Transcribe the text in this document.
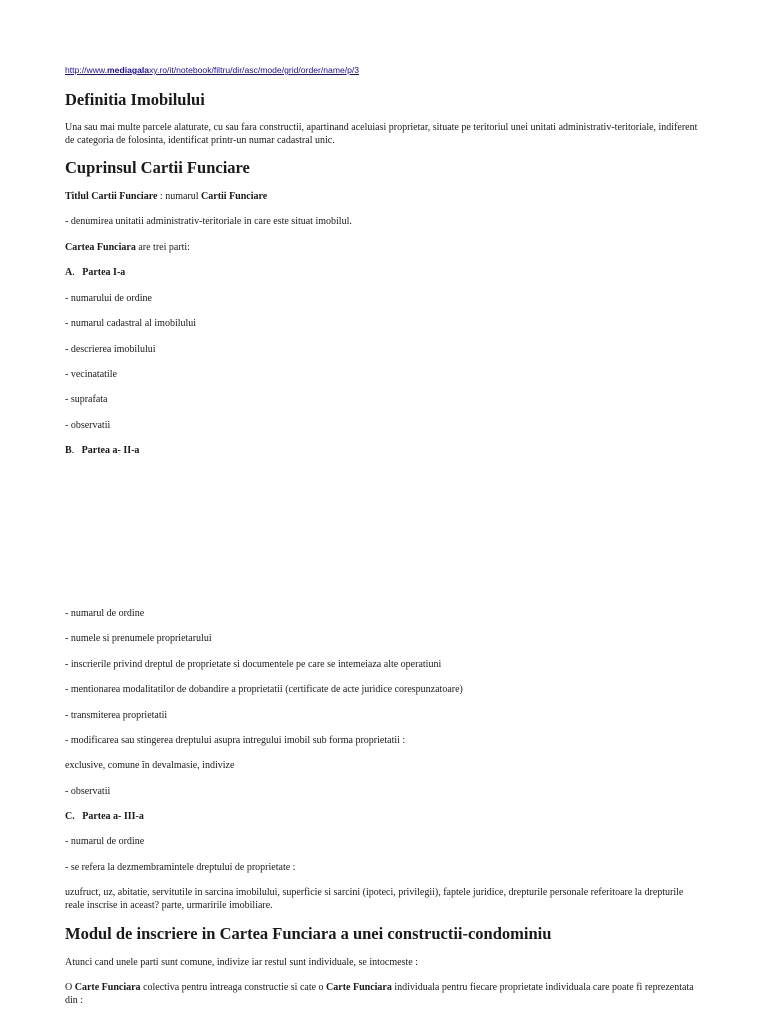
http://www.mediagalaxy.ro/it/notebook/filtru/dir/asc/mode/grid/order/name/p/3
Definitia Imobilului
Una sau mai multe parcele alaturate, cu sau fara constructii, apartinand aceluiasi proprietar, situate pe teritoriul unei unitati administrativ-teritoriale, indiferent de categoria de folosinta, identificat printr-un numar cadastral unic.
Cuprinsul Cartii Funciare
Titlul Cartii Funciare : numarul Cartii Funciare
- denumirea unitatii administrativ-teritoriale in care este situat imobilul.
Cartea Funciara are trei parti:
A.   Partea I-a
- numarului de ordine
- numarul cadastral al imobilului
- descrierea imobilului
- vecinatatile
- suprafata
- observatii
B.   Partea a- II-a
- numarul de ordine
- numele si prenumele proprietarului
- inscrierile privind dreptul de proprietate si documentele pe care se intemeiaza alte operatiuni
- mentionarea modalitatilor de dobandire a proprietatii (certificate de acte juridice corespunzatoare)
- transmiterea proprietatii
- modificarea sau stingerea dreptului asupra intregului imobil sub forma proprietatii :
exclusive, comune în devalmasie, indivize
- observatii
C. Partea a- III-a
- numarul de ordine
- se refera la dezmembramintele dreptului de proprietate :
uzufruct, uz, abitatie, servitutile in sarcina imobilului, superficie si sarcini (ipoteci, privilegii), faptele juridice, drepturile personale referitoare la drepturile reale inscrise in aceast? parte, urmaririle imobiliare.
Modul de inscriere in Cartea Funciara a unei constructii-condominiu
Atunci cand unele parti sunt comune, indivize iar restul sunt individuale, se intocmeste :
O Carte Funciara colectiva pentru intreaga constructie si cate o Carte Funciara individuala pentru fiecare proprietate individuala care poate fi reprezentata din :
